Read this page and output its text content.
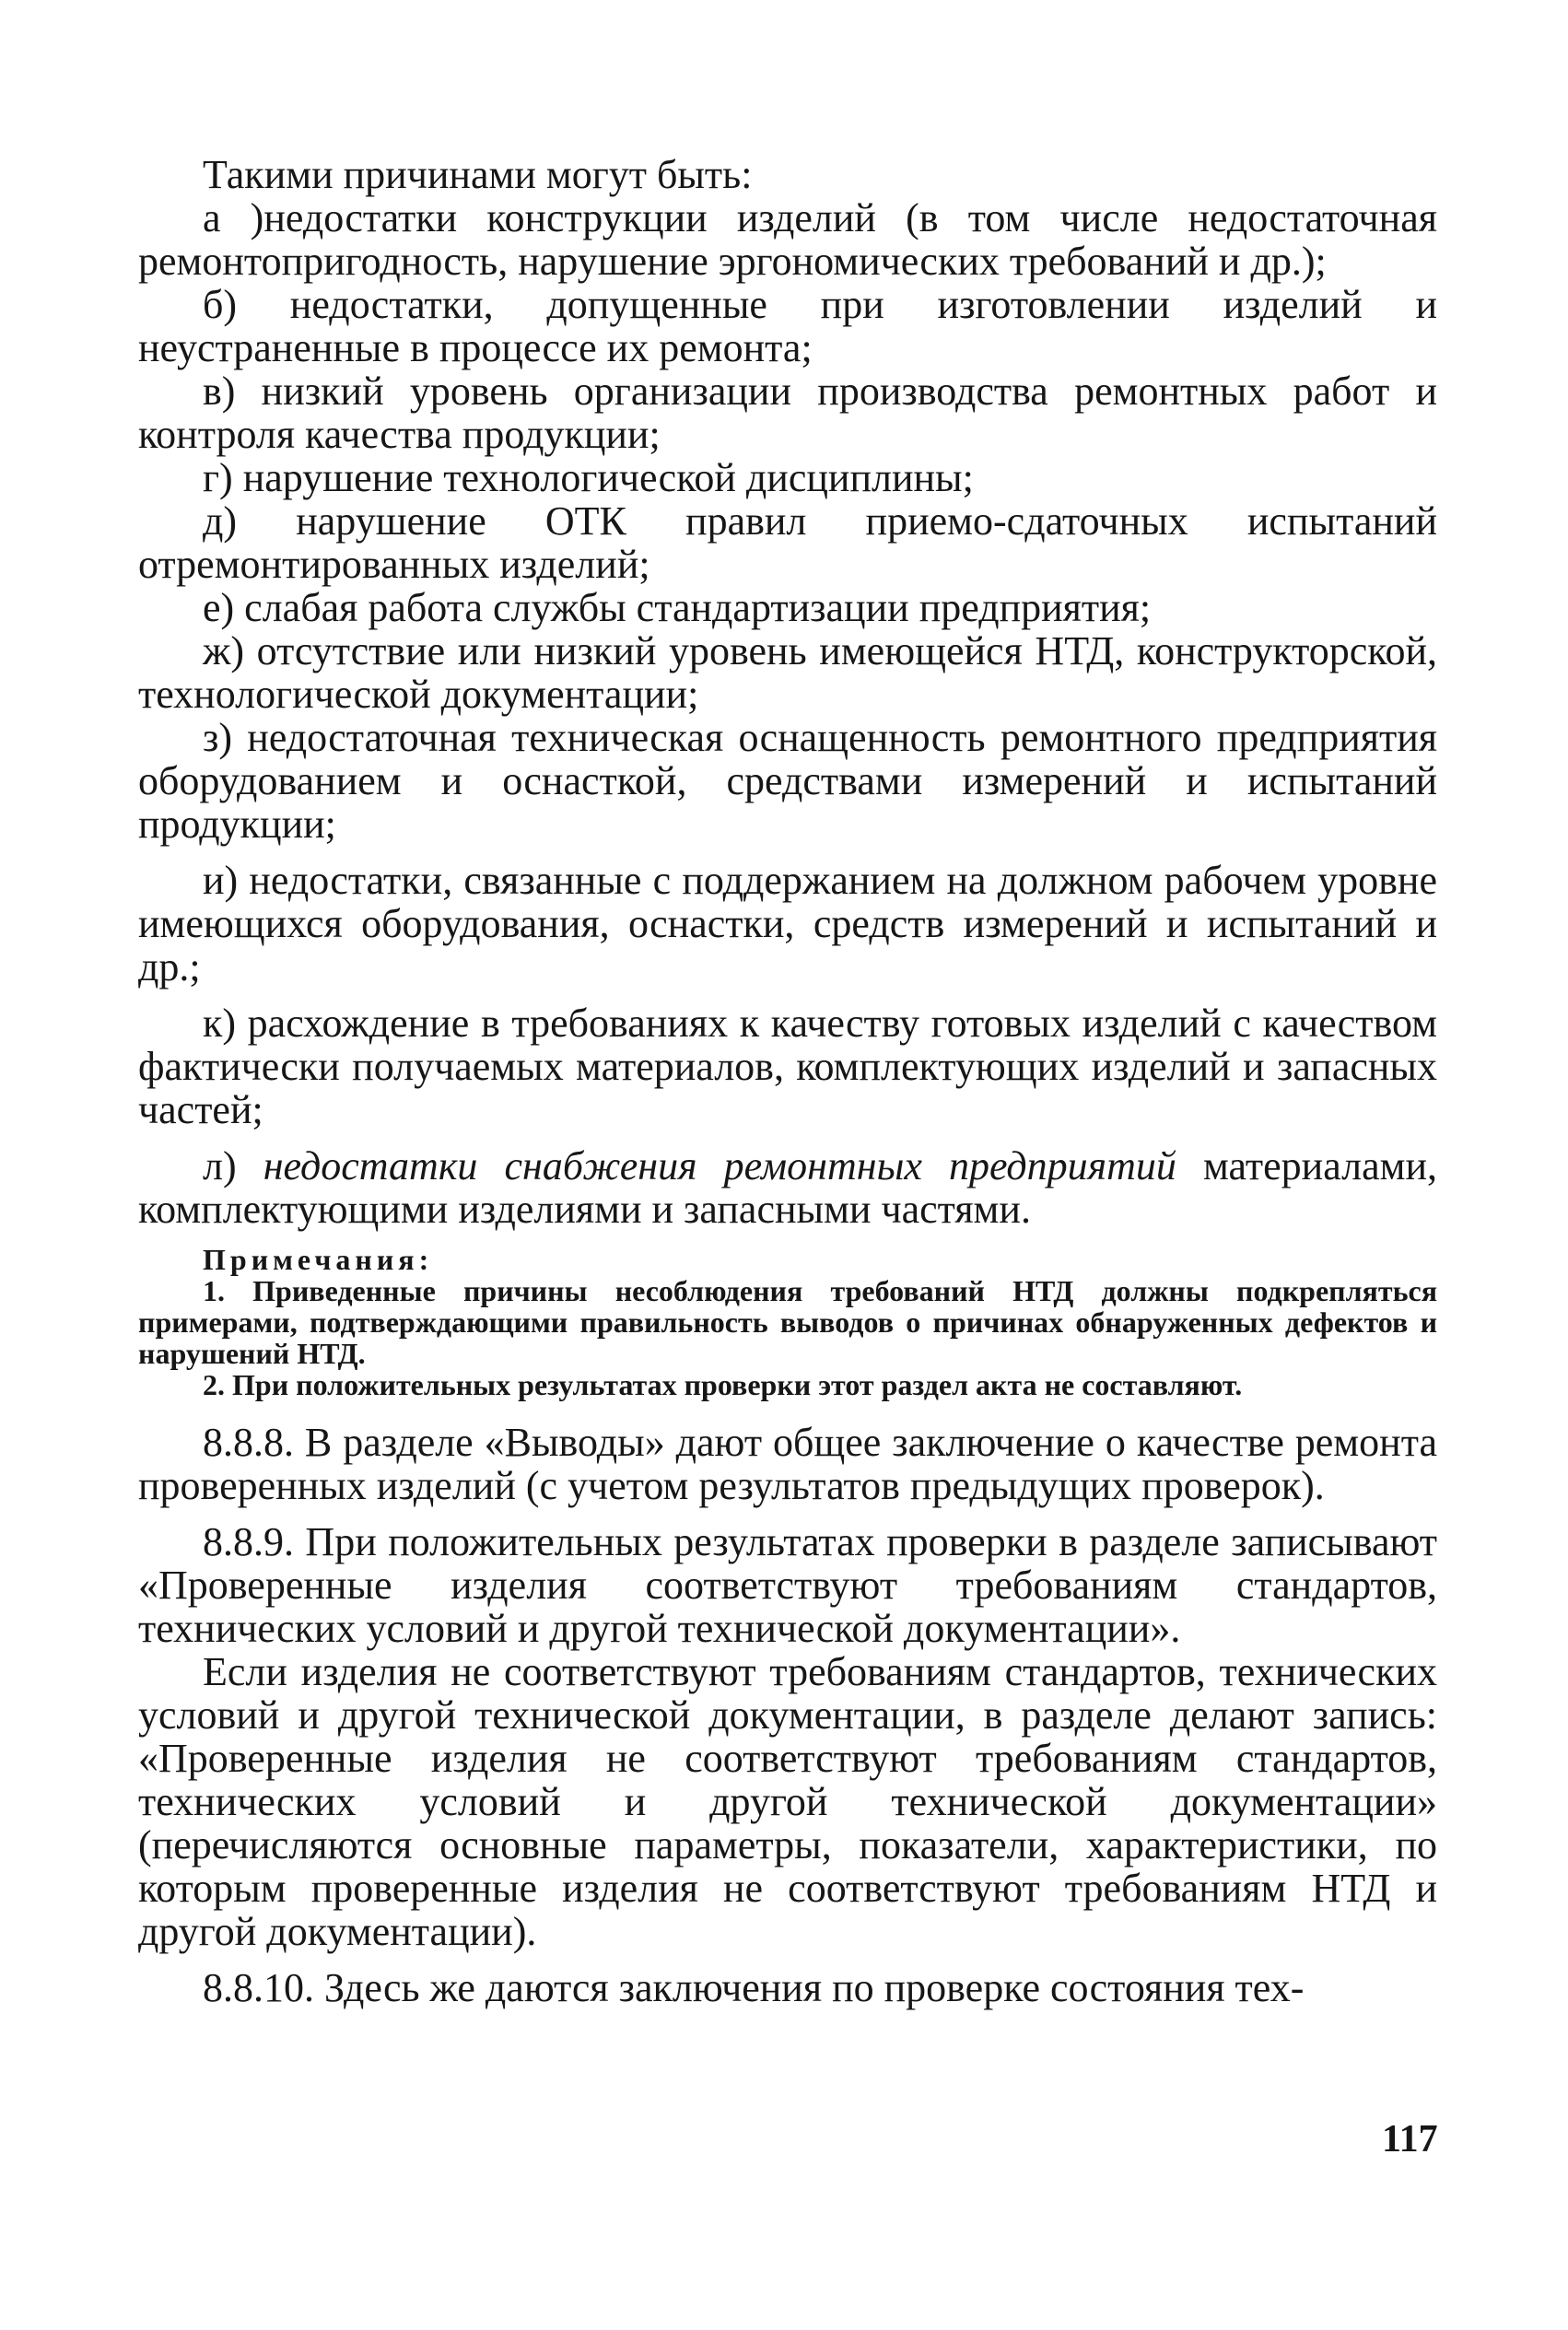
Такими причинами могут быть:

а )недостатки конструкции изделий (в том числе недостаточная ремонтопригодность, нарушение эргономических требований и др.);

б) недостатки, допущенные при изготовлении изделий и неустраненные в процессе их ремонта;

в) низкий уровень организации производства ремонтных работ и контроля качества продукции;

г) нарушение технологической дисциплины;

д) нарушение ОТК правил приемо-сдаточных испытаний отремонтированных изделий;

е) слабая работа службы стандартизации предприятия;

ж) отсутствие или низкий уровень имеющейся НТД, конструкторской, технологической документации;

з) недостаточная техническая оснащенность ремонтного предприятия оборудованием и оснасткой, средствами измерений и испытаний продукции;

и) недостатки, связанные с поддержанием на должном рабочем уровне имеющихся оборудования, оснастки, средств измерений и испытаний и др.;

к) расхождение в требованиях к качеству готовых изделий с качеством фактически получаемых материалов, комплектующих изделий и запасных частей;

л) недостатки снабжения ремонтных предприятий материалами, комплектующими изделиями и запасными частями.

Примечания:

1. Приведенные причины несоблюдения требований НТД должны подкрепляться примерами, подтверждающими правильность выводов о причинах обнаруженных дефектов и нарушений НТД.

2. При положительных результатах проверки этот раздел акта не составляют.

8.8.8. В разделе «Выводы» дают общее заключение о качестве ремонта проверенных изделий (с учетом результатов предыдущих проверок).

8.8.9. При положительных результатах проверки в разделе записывают «Проверенные изделия соответствуют требованиям стандартов, технических условий и другой технической документации».

Если изделия не соответствуют требованиям стандартов, технических условий и другой технической документации, в разделе делают запись: «Проверенные изделия не соответствуют требованиям стандартов, технических условий и другой технической документации» (перечисляются основные параметры, показатели, характеристики, по которым проверенные изделия не соответствуют требованиям НТД и другой документации).

8.8.10. Здесь же даются заключения по проверке состояния тех-

117
